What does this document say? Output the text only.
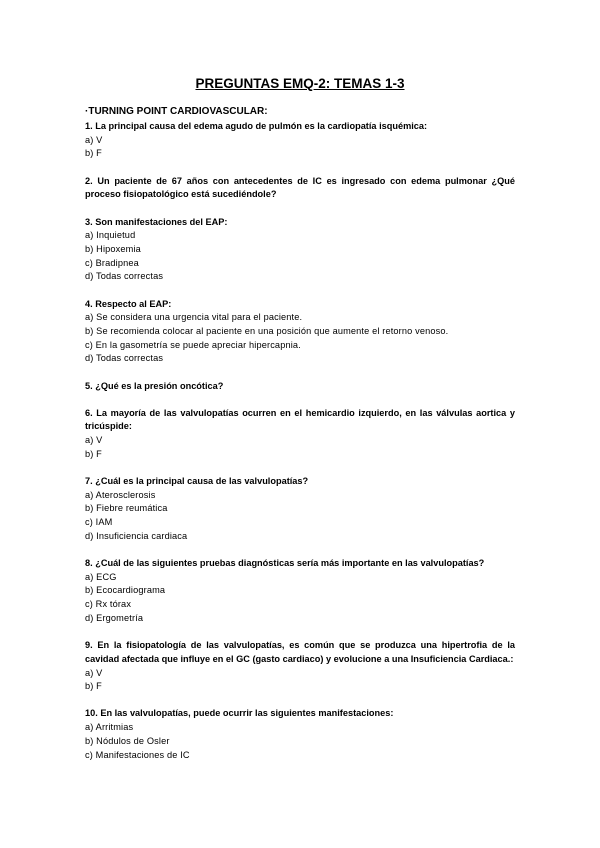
PREGUNTAS EMQ-2: TEMAS 1-3
·TURNING POINT CARDIOVASCULAR:
1. La principal causa del edema agudo de pulmón es la cardiopatía isquémica:
a) V
b) F
2. Un paciente de 67 años con antecedentes de IC es ingresado con edema pulmonar ¿Qué proceso fisiopatológico está sucediéndole?
3. Son manifestaciones del EAP:
a) Inquietud
b) Hipoxemia
c) Bradipnea
d) Todas correctas
4. Respecto al EAP:
a) Se considera una urgencia vital para el paciente.
b) Se recomienda colocar al paciente en una posición que aumente el retorno venoso.
c) En la gasometría se puede apreciar hipercapnia.
d) Todas correctas
5. ¿Qué es la presión oncótica?
6. La mayoría de las valvulopatías ocurren en el hemicardio izquierdo, en las válvulas aortica y tricúspide:
a) V
b) F
7. ¿Cuál es la principal causa de las valvulopatías?
a) Aterosclerosis
b) Fiebre reumática
c) IAM
d) Insuficiencia cardiaca
8. ¿Cuál de las siguientes pruebas diagnósticas sería más importante en las valvulopatías?
a) ECG
b) Ecocardiograma
c) Rx tórax
d) Ergometría
9. En la fisiopatología de las valvulopatías, es común que se produzca una hipertrofia de la cavidad afectada que influye en el GC (gasto cardiaco) y evolucione a una Insuficiencia Cardiaca.:
a) V
b) F
10. En las valvulopatías, puede ocurrir las siguientes manifestaciones:
a) Arritmias
b) Nódulos de Osler
c) Manifestaciones de IC
